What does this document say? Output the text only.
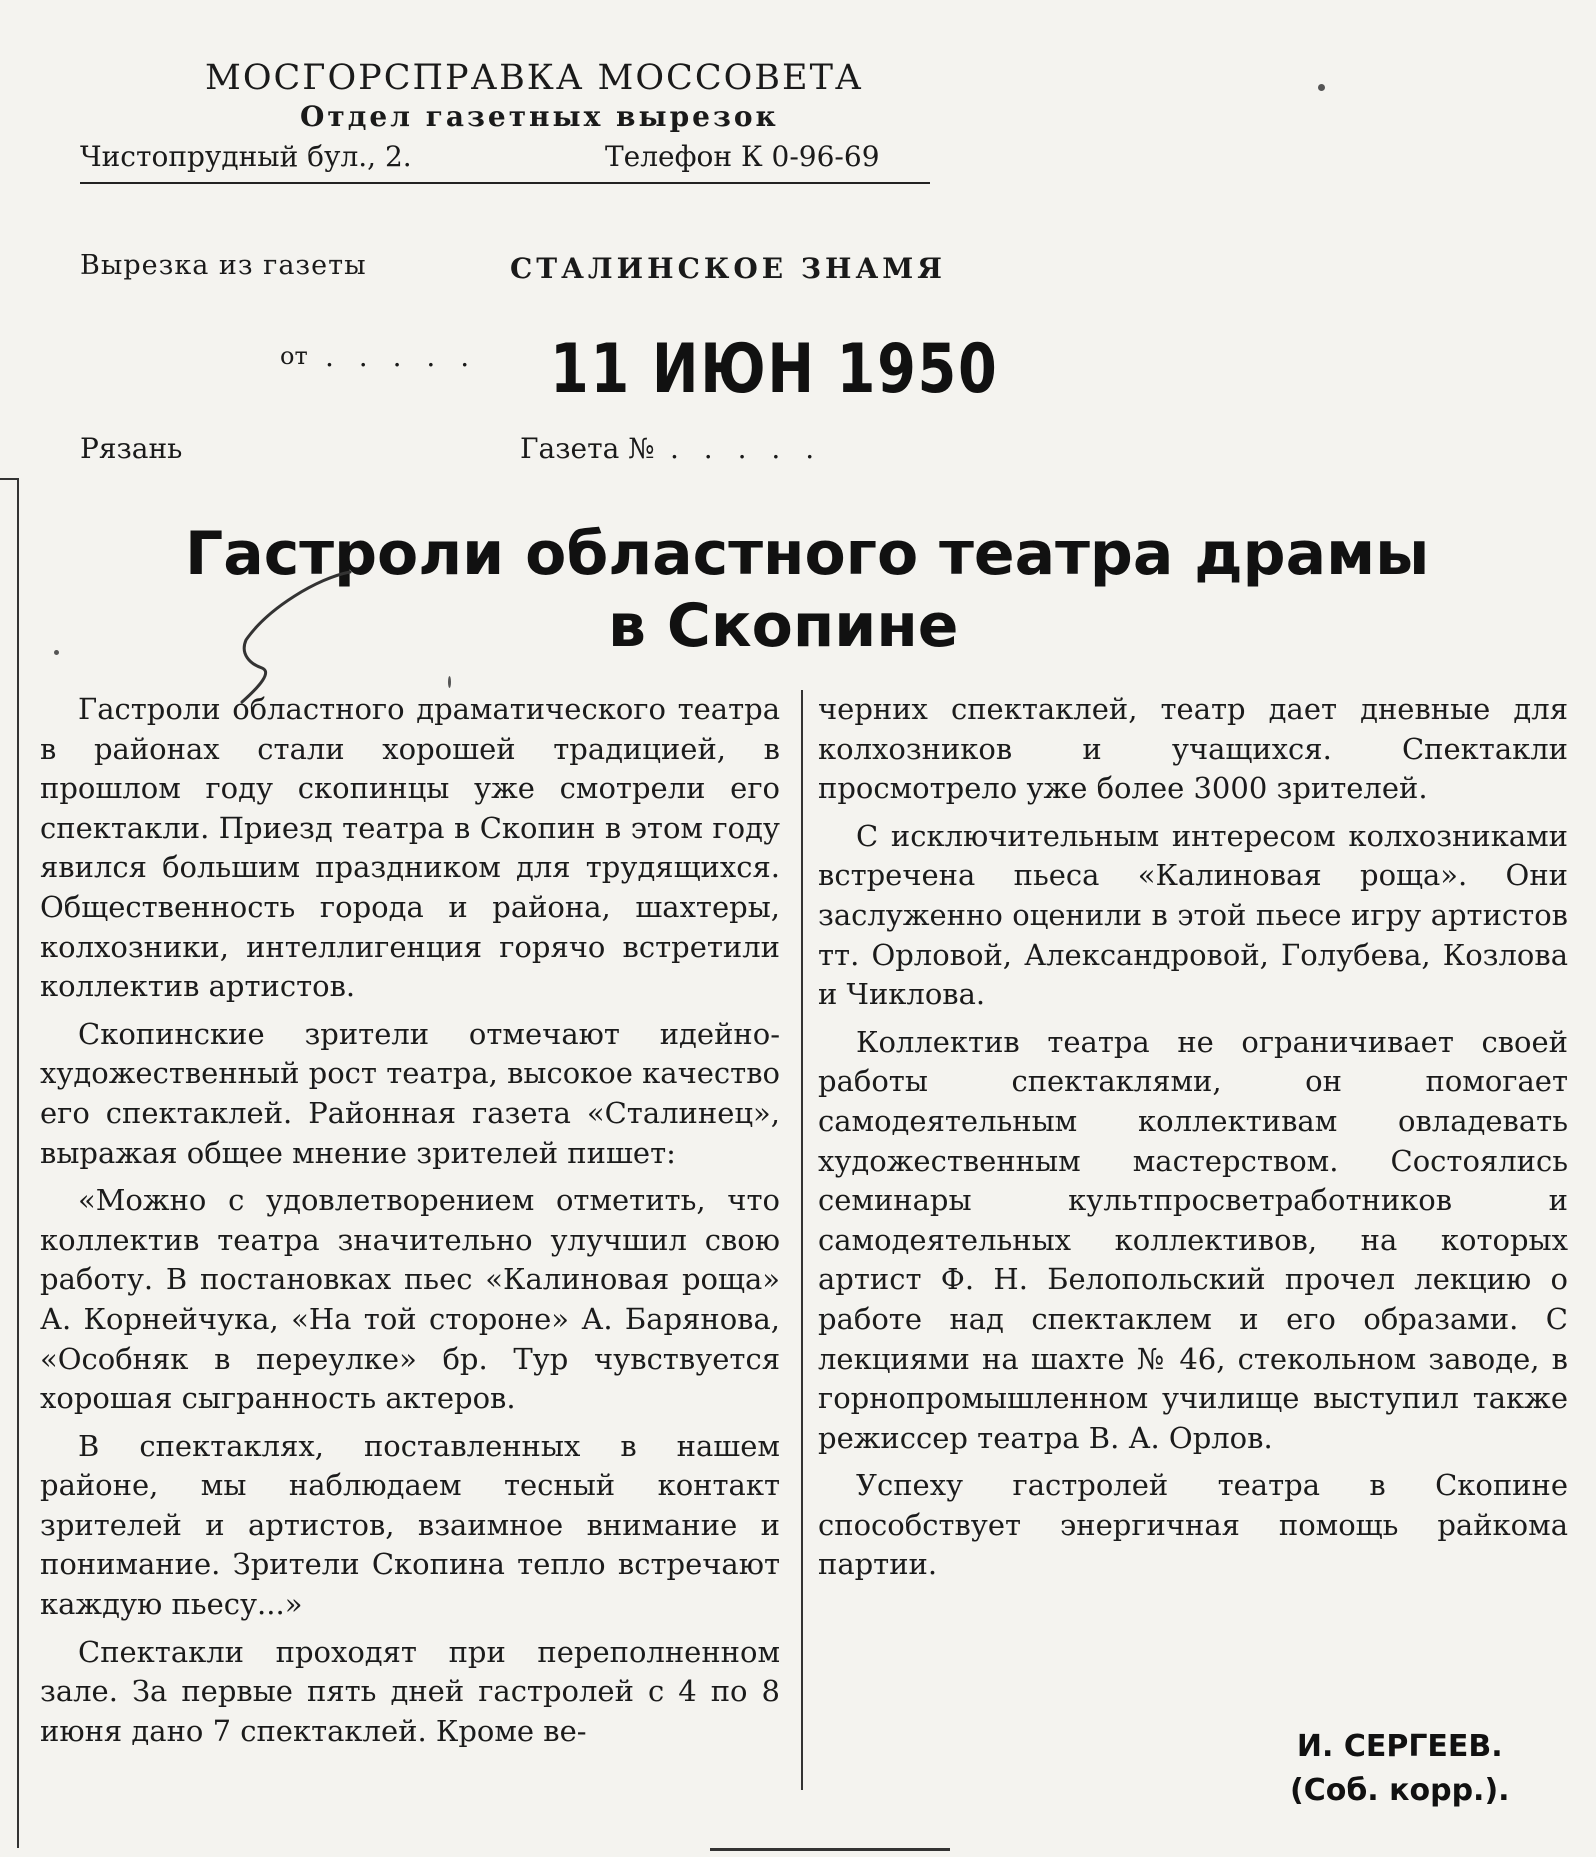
МОСГОРСПРАВКА МОССОВЕТА
Отдел газетных вырезок
Чистопрудный бул., 2.	Телефон К 0-96-69
Вырезка из газеты	СТАЛИНСКОЕ ЗНАМЯ
от . . . . . 11 ИЮН 1950
Рязань	Газета № . . . . .
Гастроли областного театра драмы
в Скопине

Гастроли областного драматического театра в районах стали хорошей традицией, в прошлом году скопинцы уже смотрели его спектакли. Приезд театра в Скопин в этом году явился большим праздником для трудящихся. Общественность города и района, шахтеры, колхозники, интеллигенция горячо встретили коллектив артистов.

Скопинские зрители отмечают идейно-художественный рост театра, высокое качество его спектаклей. Районная газета «Сталинец», выражая общее мнение зрителей пишет:

«Можно с удовлетворением отметить, что коллектив театра значительно улучшил свою работу. В постановках пьес «Калиновая роща» А. Корнейчука, «На той стороне» А. Барянова, «Особняк в переулке» бр. Тур чувствуется хорошая сыгранность актеров.

В спектаклях, поставленных в нашем районе, мы наблюдаем тесный контакт зрителей и артистов, взаимное внимание и понимание. Зрители Скопина тепло встречают каждую пьесу...»

Спектакли проходят при переполненном зале. За первые пять дней гастролей с 4 по 8 июня дано 7 спектаклей. Кроме ве-

черних спектаклей, театр дает дневные для колхозников и учащихся. Спектакли просмотрело уже более 3000 зрителей.

С исключительным интересом колхозниками встречена пьеса «Калиновая роща». Они заслуженно оценили в этой пьесе игру артистов тт. Орловой, Александровой, Голубева, Козлова и Чиклова.

Коллектив театра не ограничивает своей работы спектаклями, он помогает самодеятельным коллективам овладевать художественным мастерством. Состоялись семинары культпросветработников и самодеятельных коллективов, на которых артист Ф. Н. Белопольский прочел лекцию о работе над спектаклем и его образами. С лекциями на шахте № 46, стекольном заводе, в горнопромышленном училище выступил также режиссер театра В. А. Орлов.

Успеху гастролей театра в Скопине способствует энергичная помощь райкома партии.

И. СЕРГЕЕВ.
(Соб. корр.).
